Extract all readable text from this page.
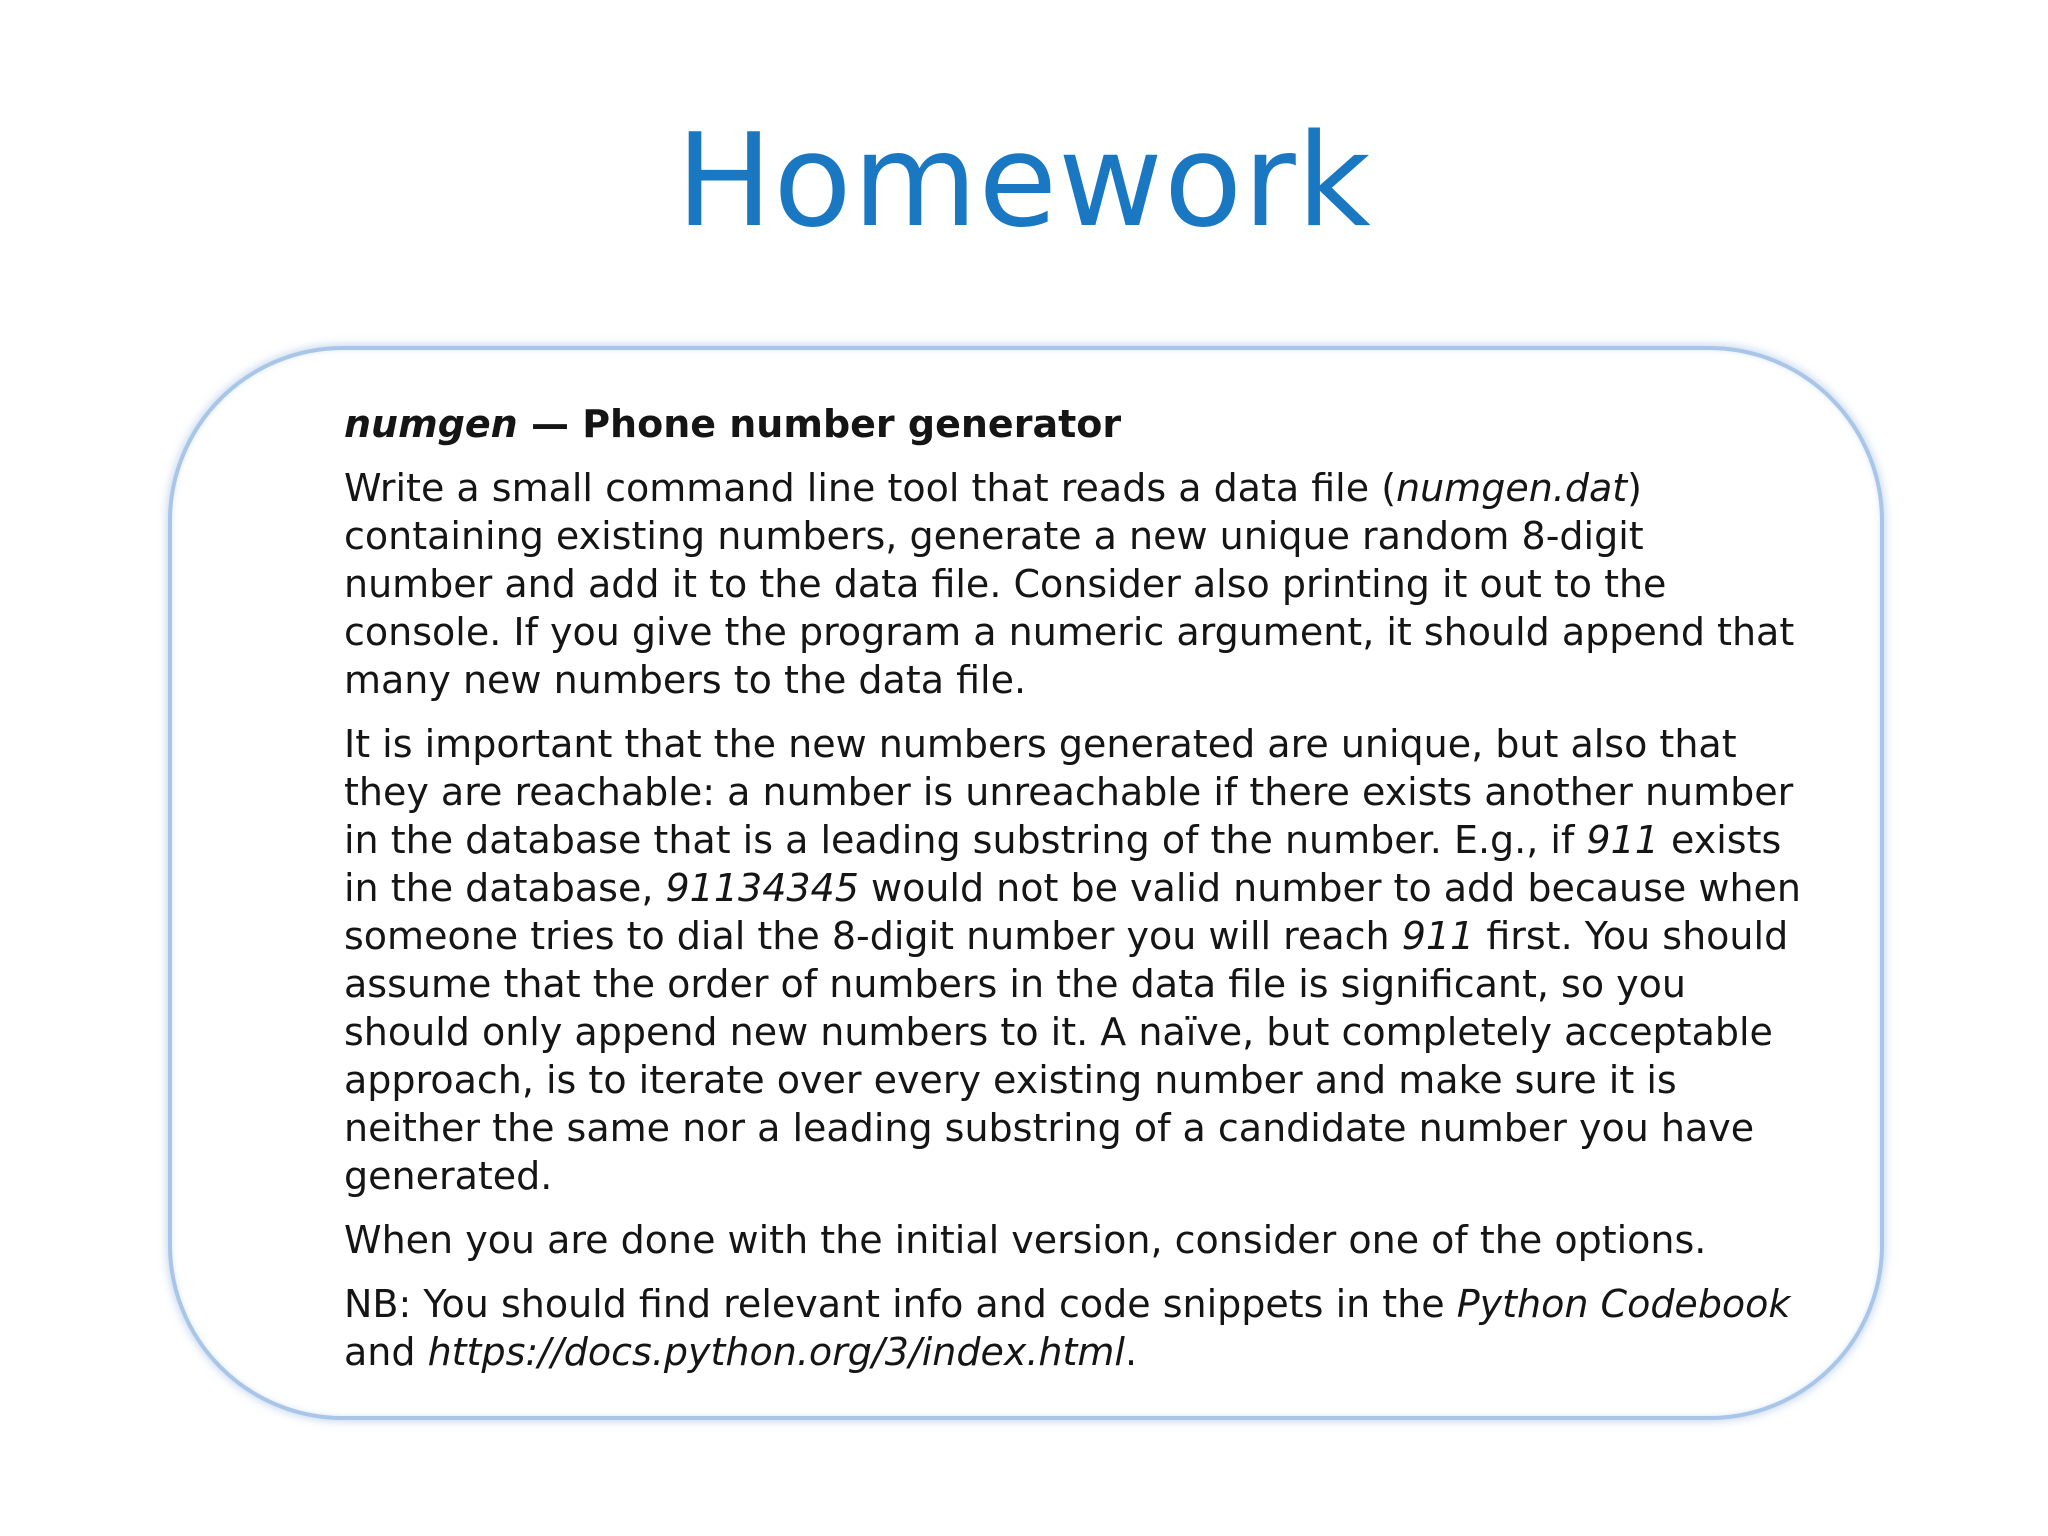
Homework

numgen — Phone number generator

Write a small command line tool that reads a data file (numgen.dat) containing existing numbers, generate a new unique random 8-digit number and add it to the data file. Consider also printing it out to the console. If you give the program a numeric argument, it should append that many new numbers to the data file.

It is important that the new numbers generated are unique, but also that they are reachable: a number is unreachable if there exists another number in the database that is a leading substring of the number. E.g., if 911 exists in the database, 91134345 would not be valid number to add because when someone tries to dial the 8-digit number you will reach 911 first. You should assume that the order of numbers in the data file is significant, so you should only append new numbers to it. A naïve, but completely acceptable approach, is to iterate over every existing number and make sure it is neither the same nor a leading substring of a candidate number you have generated.

When you are done with the initial version, consider one of the options.

NB: You should find relevant info and code snippets in the Python Codebook and https://docs.python.org/3/index.html.
